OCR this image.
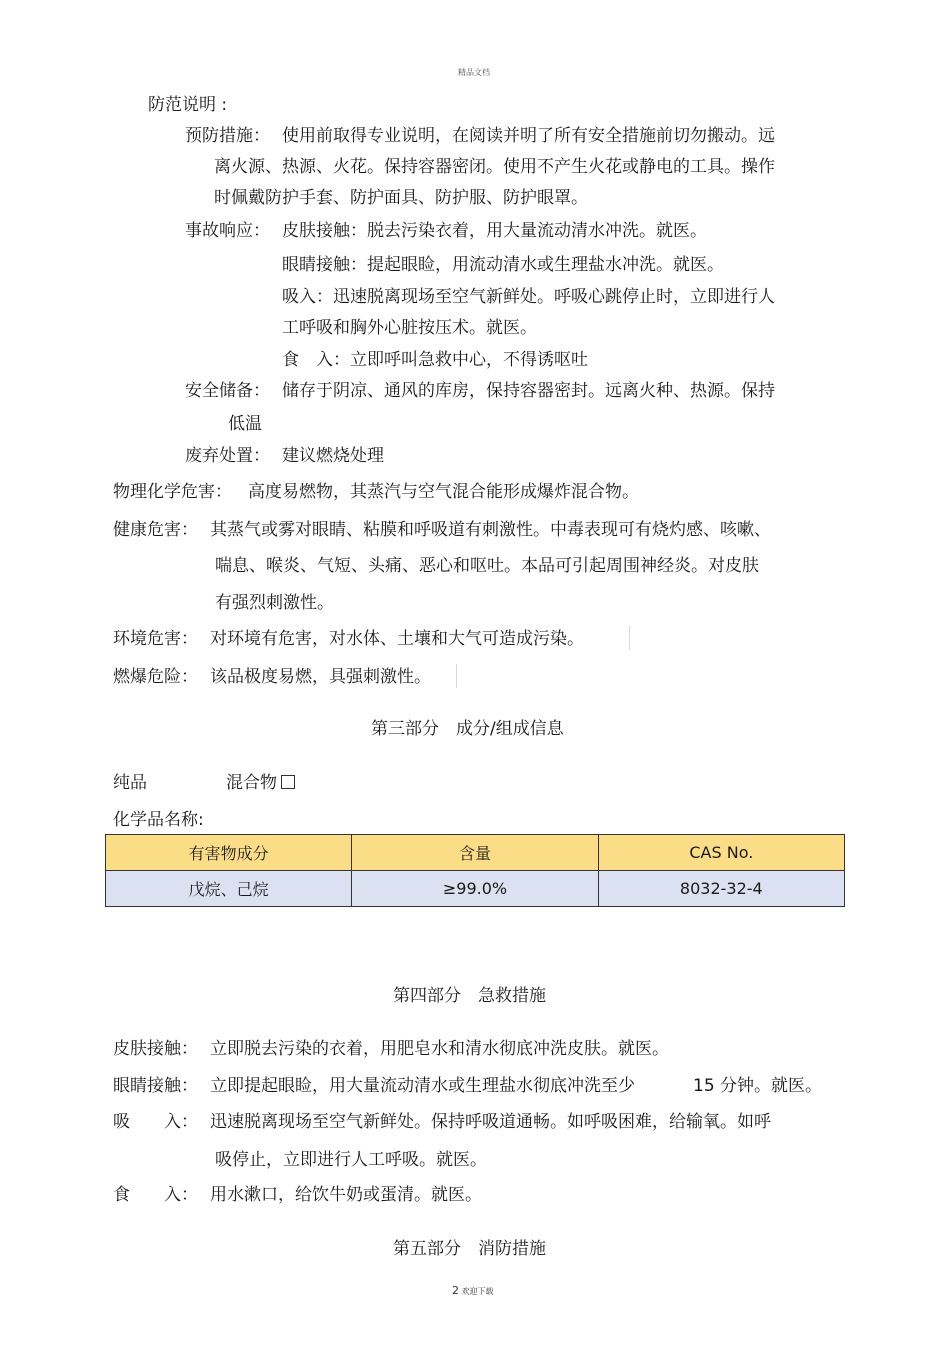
精品文档
防范说明 :
预防措施： 使用前取得专业说明，在阅读并明了所有安全措施前切勿搬动。远
离火源、热源、火花。保持容器密闭。使用不产生火花或静电的工具。操作
时佩戴防护手套、防护面具、防护服、防护眼罩。
事故响应： 皮肤接触：脱去污染衣着，用大量流动清水冲洗。就医。
眼睛接触：提起眼睑，用流动清水或生理盐水冲洗。就医。
吸入：迅速脱离现场至空气新鲜处。呼吸心跳停止时，立即进行人
工呼吸和胸外心脏按压术。就医。
食　入：立即呼叫急救中心，不得诱呕吐
安全储备： 储存于阴凉、通风的库房，保持容器密封。远离火种、热源。保持
低温
废弃处置： 建议燃烧处理
物理化学危害： 高度易燃物，其蒸汽与空气混合能形成爆炸混合物。
健康危害： 其蒸气或雾对眼睛、粘膜和呼吸道有刺激性。中毒表现可有烧灼感、咳嗽、
喘息、喉炎、气短、头痛、恶心和呕吐。本品可引起周围神经炎。对皮肤
有强烈刺激性。
环境危害： 对环境有危害，对水体、土壤和大气可造成污染。
燃爆危险： 该品极度易燃，具强刺激性。
第三部分　成分/组成信息
纯品	混合物
化学品名称:
有害物成分	含量	CAS No.
戊烷、己烷	≥99.0%	8032-32-4
第四部分　急救措施
皮肤接触： 立即脱去污染的衣着，用肥皂水和清水彻底冲洗皮肤。就医。
眼睛接触： 立即提起眼睑，用大量流动清水或生理盐水彻底冲洗至少	15 分钟。就医。
吸　　入： 迅速脱离现场至空气新鲜处。保持呼吸道通畅。如呼吸困难，给输氧。如呼
吸停止，立即进行人工呼吸。就医。
食　　入： 用水漱口，给饮牛奶或蛋清。就医。
第五部分　消防措施
2 欢迎下载
